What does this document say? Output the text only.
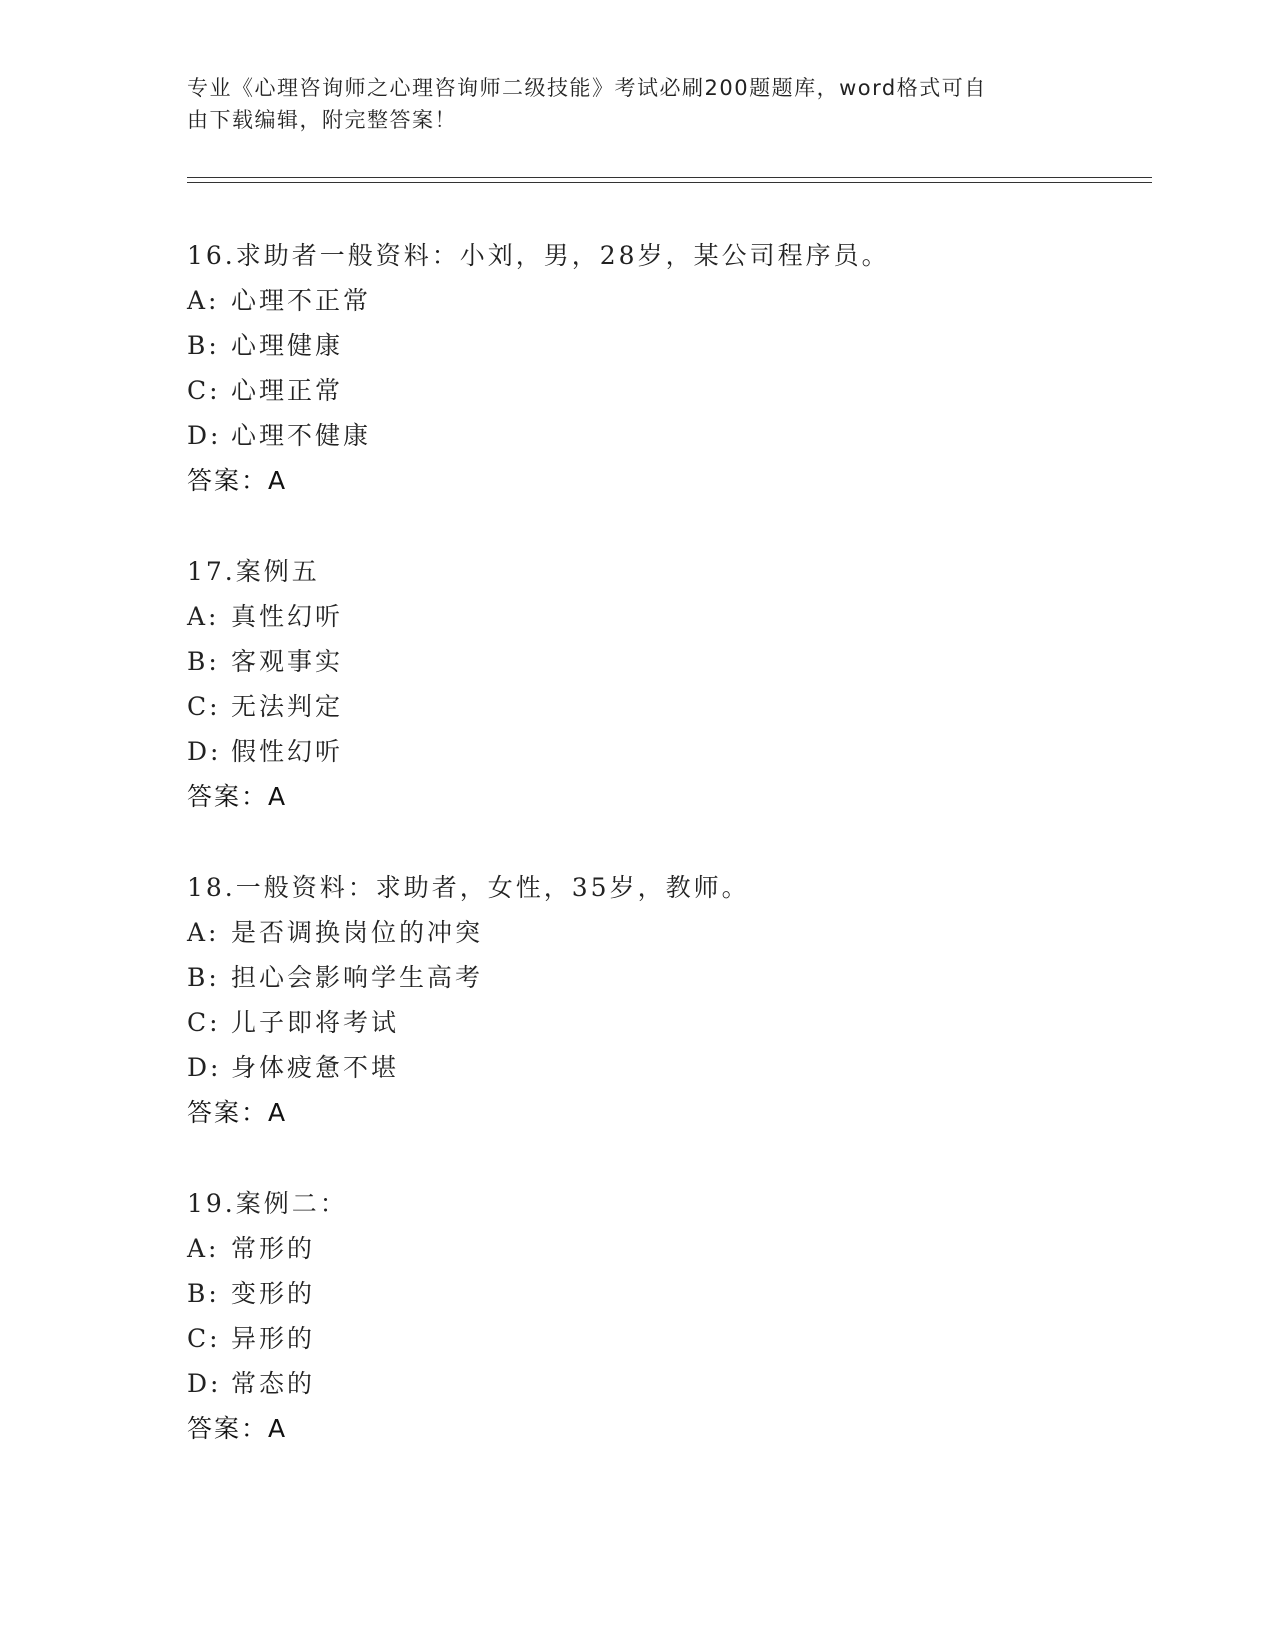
专业《心理咨询师之心理咨询师二级技能》考试必刷200题题库，word格式可自
由下载编辑，附完整答案！
16.求助者一般资料：小刘，男，28岁，某公司程序员。
A: 心理不正常
B: 心理健康
C: 心理正常
D: 心理不健康
答案：A
17.案例五
A: 真性幻听
B: 客观事实
C: 无法判定
D: 假性幻听
答案：A
18.一般资料：求助者，女性，35岁，教师。
A: 是否调换岗位的冲突
B: 担心会影响学生高考
C: 儿子即将考试
D: 身体疲惫不堪
答案：A
19.案例二：
A: 常形的
B: 变形的
C: 异形的
D: 常态的
答案：A
